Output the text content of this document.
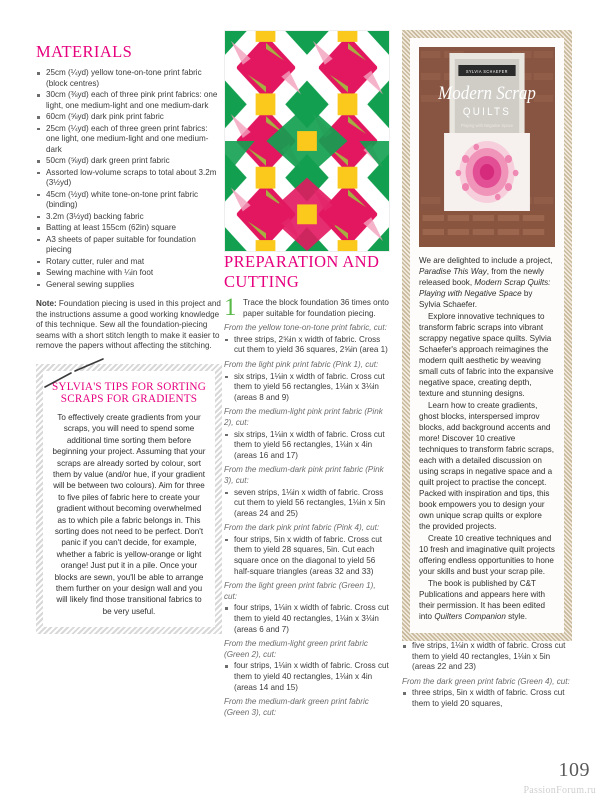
MATERIALS
25cm (¼yd) yellow tone-on-tone print fabric (block centres)
30cm (⅜yd) each of three pink print fabrics: one light, one medium-light and one medium-dark
60cm (⅝yd) dark pink print fabric
25cm (¼yd) each of three green print fabrics: one light, one medium-light and one medium-dark
50cm (⅝yd) dark green print fabric
Assorted low-volume scraps to total about 3.2m (3½yd)
45cm (½yd) white tone-on-tone print fabric (binding)
3.2m (3½yd) backing fabric
Batting at least 155cm (62in) square
A3 sheets of paper suitable for foundation piecing
Rotary cutter, ruler and mat
Sewing machine with ¼in foot
General sewing supplies

Note: Foundation piecing is used in this project and the instructions assume a good working knowledge of this technique. Sew all the foundation-piecing seams with a short stitch length to make it easier to remove the papers without affecting the stitching.

SYLVIA'S TIPS FOR SORTING SCRAPS FOR GRADIENTS
To effectively create gradients from your scraps, you will need to spend some additional time sorting them before beginning your project. Assuming that your scraps are already sorted by colour, sort them by value (and/or hue, if your gradient will be between two colours). Aim for three to five piles of fabric here to create your gradient without becoming overwhelmed as to which pile a fabric belongs in. This sorting does not need to be perfect. Don't panic if you can't decide, for example, whether a fabric is yellow-orange or light orange! Just put it in a pile. Once your blocks are sewn, you'll be able to arrange them further on your design wall and you will likely find those transitional fabrics to be very useful.
PREPARATION AND CUTTING
1 Trace the block foundation 36 times onto paper suitable for foundation piecing.

From the yellow tone-on-tone print fabric, cut:

three strips, 2⅝in x width of fabric. Cross cut them to yield 36 squares, 2⅝in (area 1)

From the light pink print fabric (Pink 1), cut:

six strips, 1⅛in x width of fabric. Cross cut them to yield 56 rectangles, 1⅛in x 3⅛in (areas 8 and 9)

From the medium-light pink print fabric (Pink 2), cut:

six strips, 1⅛in x width of fabric. Cross cut them to yield 56 rectangles, 1⅛in x 4in (areas 16 and 17)

From the medium-dark pink print fabric (Pink 3), cut:

seven strips, 1⅛in x width of fabric. Cross cut them to yield 56 rectangles, 1⅛in x 5in (areas 24 and 25)

From the dark pink print fabric (Pink 4), cut:

four strips, 5in x width of fabric. Cross cut them to yield 28 squares, 5in. Cut each square once on the diagonal to yield 56 half-square triangles (areas 32 and 33)

From the light green print fabric (Green 1), cut:

four strips, 1⅛in x width of fabric. Cross cut them to yield 40 rectangles, 1⅛in x 3⅛in (areas 6 and 7)

From the medium-light green print fabric (Green 2), cut:

four strips, 1⅛in x width of fabric. Cross cut them to yield 40 rectangles, 1⅛in x 4in (areas 14 and 15)

From the medium-dark green print fabric (Green 3), cut:

SYLVIA SCHAEFER
Modern Scrap
QUILTS
Playing with Negative Space

We are delighted to include a project, Paradise This Way, from the newly released book, Modern Scrap Quilts: Playing with Negative Space by Sylvia Schaefer.

Explore innovative techniques to transform fabric scraps into vibrant scrappy negative space quilts. Sylvia Schaefer's approach reimagines the modern quilt aesthetic by weaving small cuts of fabric into the expansive negative space, creating depth, texture and stunning designs.

Learn how to create gradients, ghost blocks, interspersed improv blocks, add background accents and more! Discover 10 creative techniques to transform fabric scraps, each with a detailed discussion on using scraps in negative space and a quilt project to practise the concept. Packed with inspiration and tips, this book empowers you to design your own unique scrap quilts or explore the provided projects.

Create 10 creative techniques and 10 fresh and imaginative quilt projects offering endless opportunities to hone your skills and bust your scrap pile.

The book is published by C&T Publications and appears here with their permission. It has been edited into Quilters Companion style.

five strips, 1⅛in x width of fabric. Cross cut them to yield 40 rectangles, 1⅛in x 5in (areas 22 and 23)

From the dark green print fabric (Green 4), cut:

three strips, 5in x width of fabric. Cross cut them to yield 20 squares,
109
PassionForum.ru
